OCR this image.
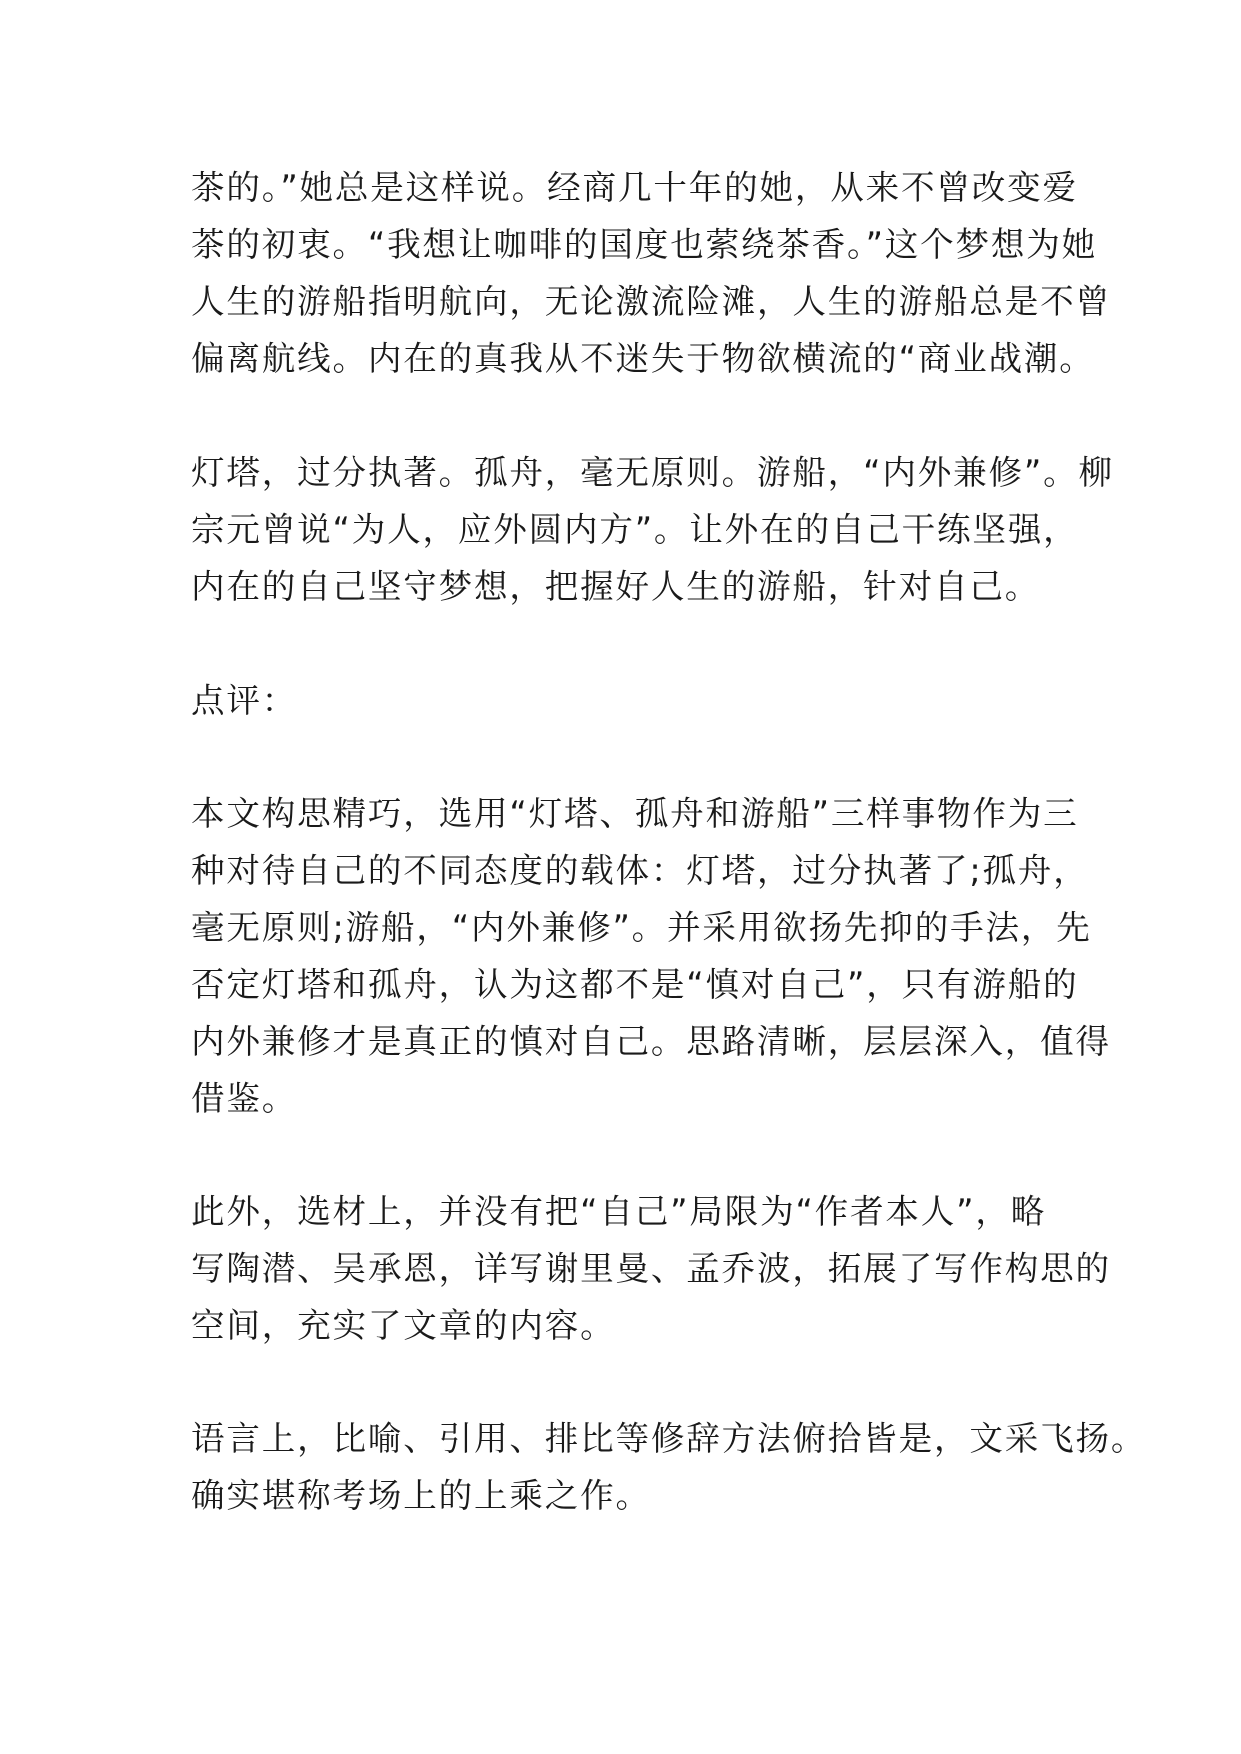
茶的。”她总是这样说。经商几十年的她，从来不曾改变爱
茶的初衷。“我想让咖啡的国度也萦绕茶香。”这个梦想为她
人生的游船指明航向，无论激流险滩，人生的游船总是不曾
偏离航线。内在的真我从不迷失于物欲横流的“商业战潮。
灯塔，过分执著。孤舟，毫无原则。游船，“内外兼修”。柳
宗元曾说“为人，应外圆内方”。让外在的自己干练坚强，
内在的自己坚守梦想，把握好人生的游船，针对自己。
点评：
本文构思精巧，选用“灯塔、孤舟和游船”三样事物作为三
种对待自己的不同态度的载体：灯塔，过分执著了;孤舟，
毫无原则;游船，“内外兼修”。并采用欲扬先抑的手法，先
否定灯塔和孤舟，认为这都不是“慎对自己”，只有游船的
内外兼修才是真正的慎对自己。思路清晰，层层深入，值得
借鉴。
此外，选材上，并没有把“自己”局限为“作者本人”，略
写陶潜、吴承恩，详写谢里曼、孟乔波，拓展了写作构思的
空间，充实了文章的内容。
语言上，比喻、引用、排比等修辞方法俯拾皆是，文采飞扬。
确实堪称考场上的上乘之作。
